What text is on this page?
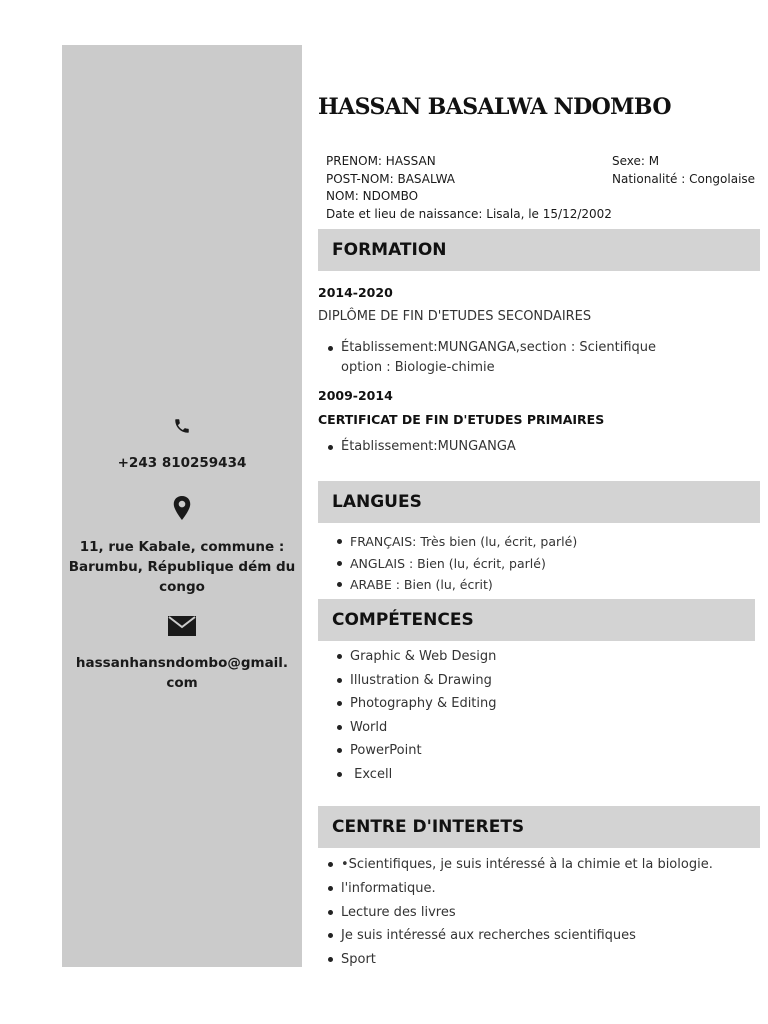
+243 810259434
11, rue Kabale, commune : Barumbu, République dém du congo
hassanhansndombo@gmail.com
HASSAN BASALWA NDOMBO
PRENOM: HASSAN
POST-NOM: BASALWA
NOM: NDOMBO
Date et lieu de naissance: Lisala, le 15/12/2002
Sexe: M
Nationalité : Congolaise
FORMATION
2014-2020
DIPLÔME DE FIN D'ETUDES SECONDAIRES
Établissement:MUNGANGA,section : Scientifique option : Biologie-chimie
2009-2014
CERTIFICAT DE FIN D'ETUDES PRIMAIRES
Établissement:MUNGANGA
LANGUES
FRANÇAIS: Très bien (lu, écrit, parlé)
ANGLAIS : Bien (lu, écrit, parlé)
ARABE : Bien (lu, écrit)
COMPÉTENCES
Graphic & Web Design
Illustration & Drawing
Photography & Editing
World
PowerPoint
Excell
CENTRE D'INTERETS
•Scientifiques, je suis intéressé à la chimie et la biologie.
l'informatique.
Lecture des livres
Je suis intéressé aux recherches scientifiques
Sport
